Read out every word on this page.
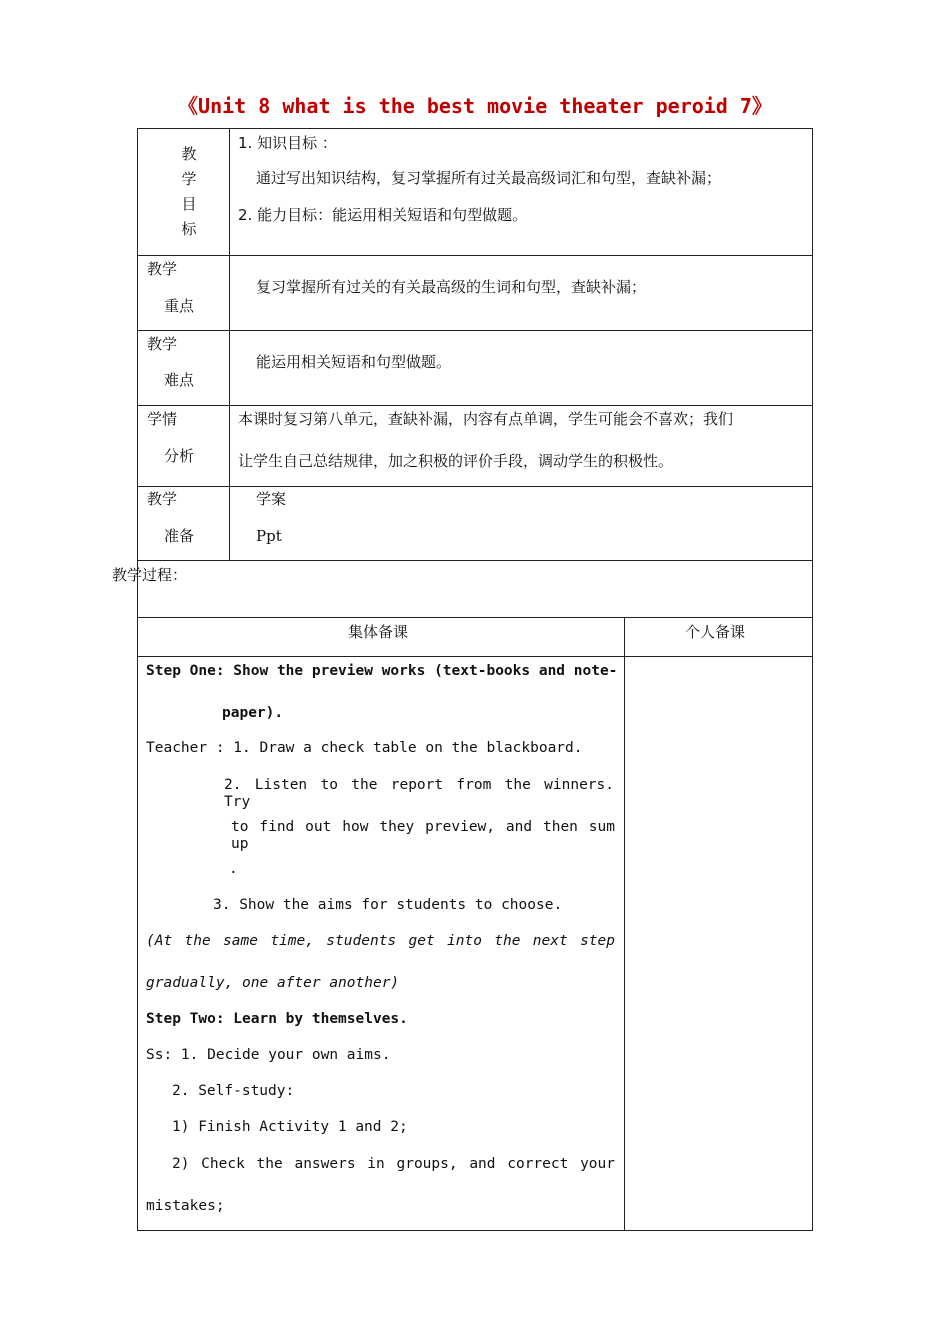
《Unit 8 what is the best movie theater peroid 7》
教
学
目
标
1. 知识目标 ：
通过写出知识结构，复习掌握所有过关最高级词汇和句型，查缺补漏；
2. 能力目标：能运用相关短语和句型做题。
教学
重点
复习掌握所有过关的有关最高级的生词和句型，查缺补漏；
教学
难点
能运用相关短语和句型做题。
学情
分析
本课时复习第八单元，查缺补漏，内容有点单调，学生可能会不喜欢；我们
让学生自己总结规律，加之积极的评价手段，调动学生的积极性。
教学
准备
学案
Ppt
教学过程：
集体备课	个人备课
Step One: Show the preview works (text-books and note-
paper).
Teacher : 1. Draw a check table on the blackboard.
2. Listen to the report from the winners. Try
to find out how they preview, and then sum up
.
3. Show the aims for students to choose.
(At the same time, students get into the next step
gradually, one after another)
Step Two: Learn by themselves.
Ss: 1. Decide your own aims.
2. Self-study:
1) Finish Activity 1 and 2;
2) Check the answers in groups, and correct your
mistakes;
